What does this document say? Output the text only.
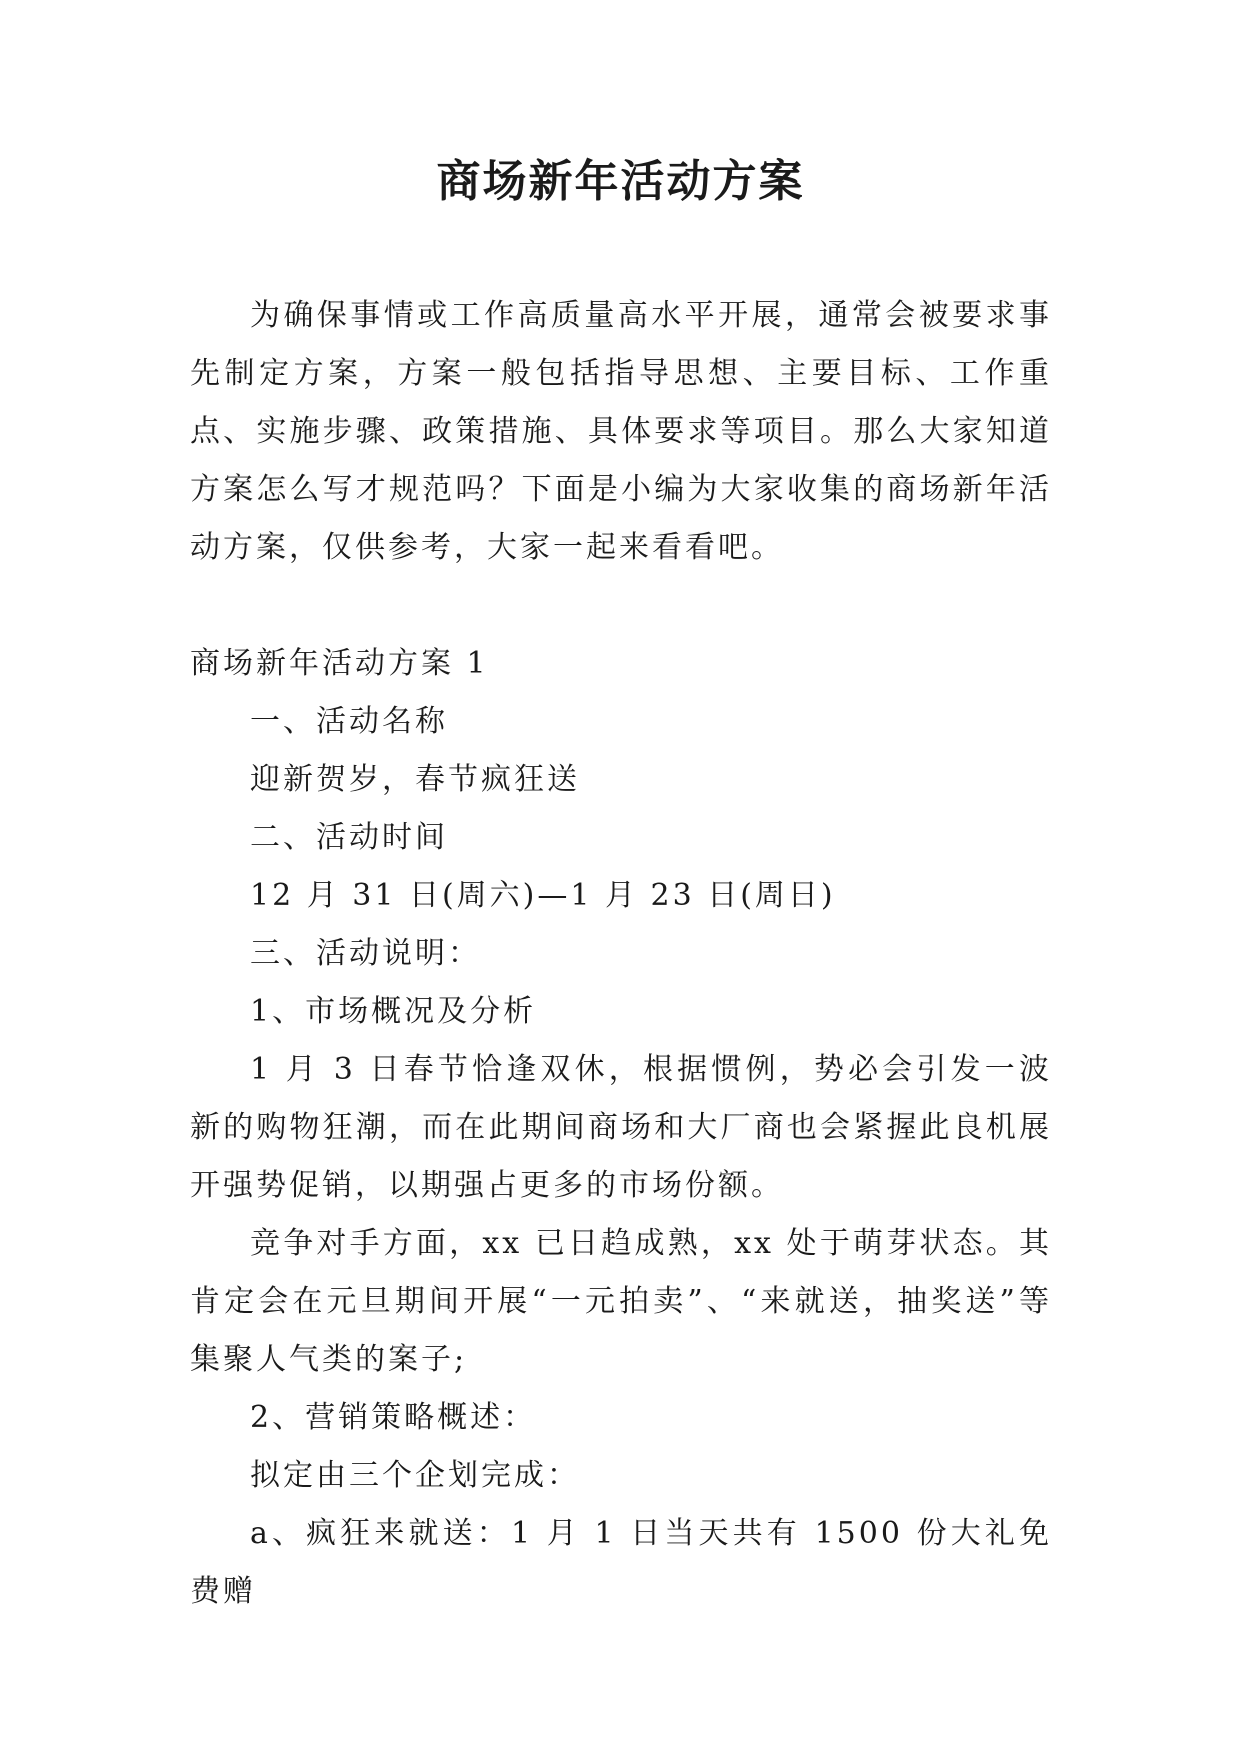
商场新年活动方案

为确保事情或工作高质量高水平开展，通常会被要求事先制定方案，方案一般包括指导思想、主要目标、工作重点、实施步骤、政策措施、具体要求等项目。那么大家知道方案怎么写才规范吗？下面是小编为大家收集的商场新年活动方案，仅供参考，大家一起来看看吧。

商场新年活动方案 1

一、活动名称

迎新贺岁，春节疯狂送

二、活动时间

12 月 31 日(周六)—1 月 23 日(周日)

三、活动说明：

1、市场概况及分析

1 月 3 日春节恰逢双休，根据惯例，势必会引发一波新的购物狂潮，而在此期间商场和大厂商也会紧握此良机展开强势促销，以期强占更多的市场份额。

竞争对手方面，xx 已日趋成熟，xx 处于萌芽状态。其肯定会在元旦期间开展“一元拍卖”、“来就送，抽奖送”等集聚人气类的案子;

2、营销策略概述：

拟定由三个企划完成：

a、疯狂来就送：1 月 1 日当天共有 1500 份大礼免费赠
